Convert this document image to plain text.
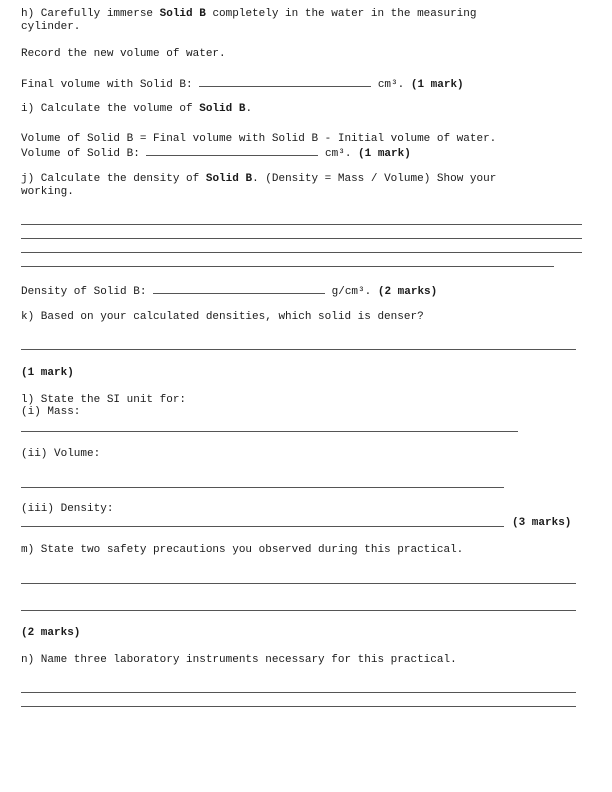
h) Carefully immerse Solid B completely in the water in the measuring
cylinder.
Record the new volume of water.
Final volume with Solid B:	cm³. (1 mark)
i) Calculate the volume of Solid B.
Volume of Solid B = Final volume with Solid B - Initial volume of water.
Volume of Solid B:	cm³. (1 mark)
j) Calculate the density of Solid B. (Density = Mass / Volume) Show your
working.
Density of Solid B:	g/cm³. (2 marks)
k) Based on your calculated densities, which solid is denser?
(1 mark)
l) State the SI unit for:
(i) Mass:
(ii) Volume:
(iii) Density:
(3 marks)
m) State two safety precautions you observed during this practical.
(2 marks)
n) Name three laboratory instruments necessary for this practical.
